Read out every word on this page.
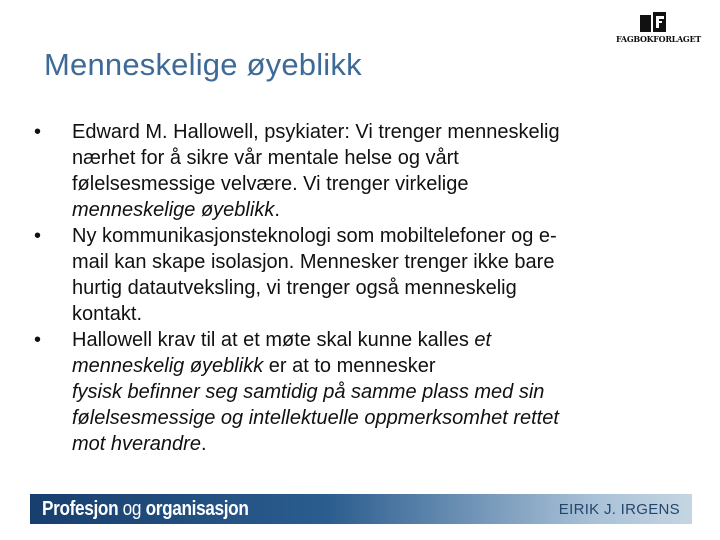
FAGBOKFORLAGET
Menneskelige øyeblikk
• Edward M. Hallowell, psykiater: Vi trenger menneskelig
nærhet for å sikre vår mentale helse og vårt
følelsesmessige velvære. Vi trenger virkelige
menneskelige øyeblikk.
• Ny kommunikasjonsteknologi som mobiltelefoner og e-
mail kan skape isolasjon. Mennesker trenger ikke bare
hurtig datautveksling, vi trenger også menneskelig
kontakt.
• Hallowell krav til at et møte skal kunne kalles et
menneskelig øyeblikk er at to mennesker
fysisk befinner seg samtidig på samme plass med sin
følelsesmessige og intellektuelle oppmerksomhet rettet
mot hverandre.
Profesjon og organisasjon	EIRIK J. IRGENS
